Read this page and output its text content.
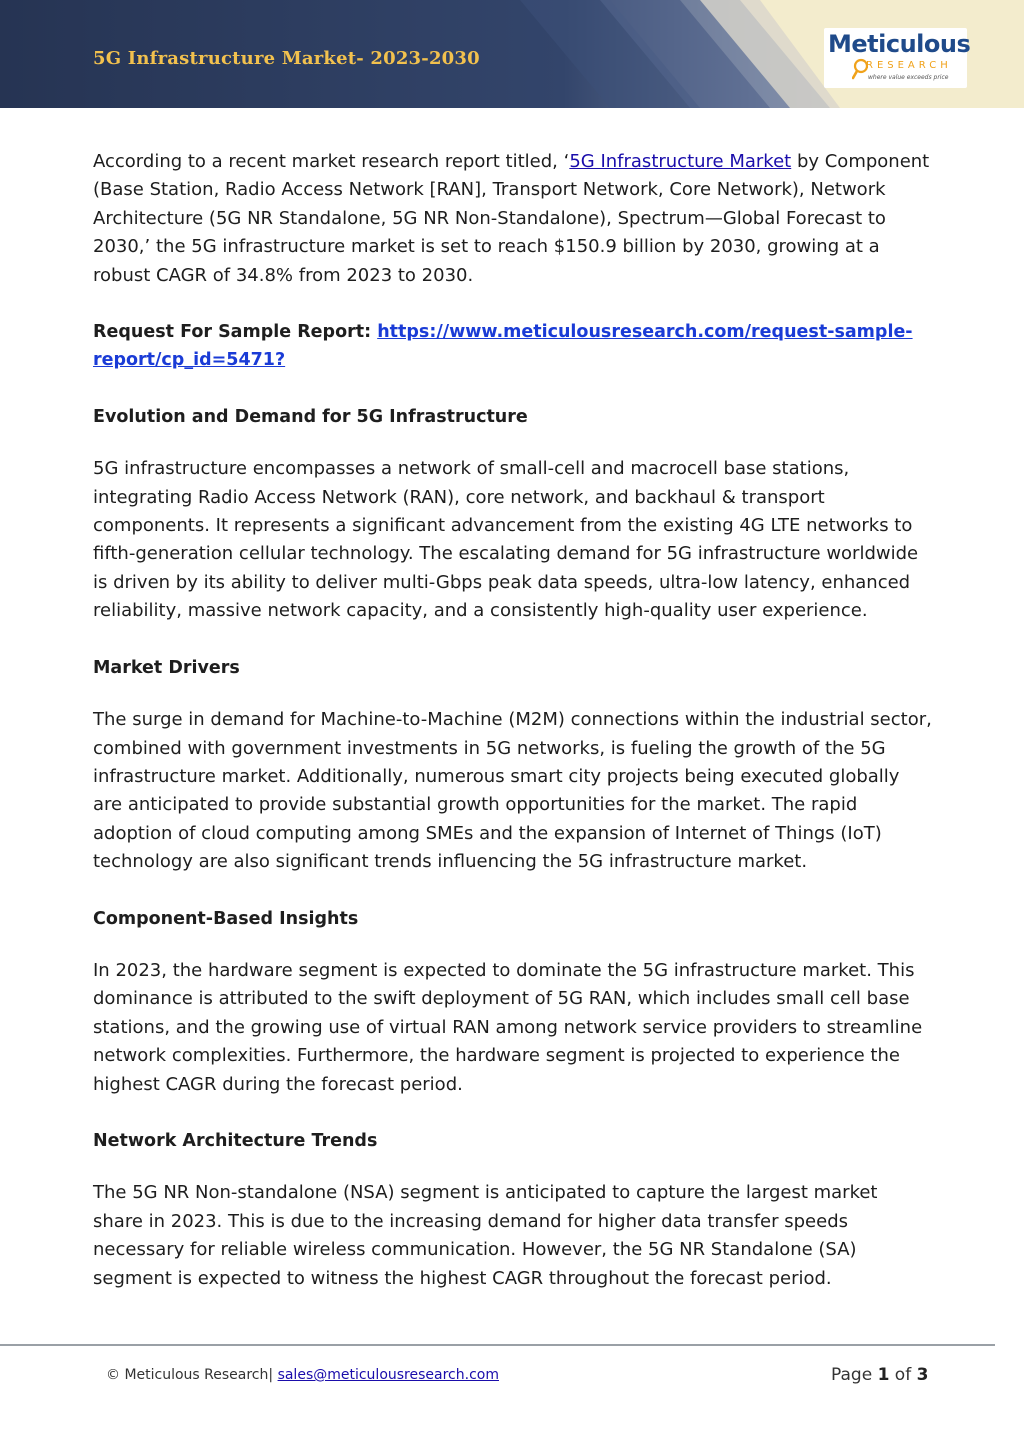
5G Infrastructure Market- 2023-2030
Meticulous
RESEARCH
where value exceeds price

According to a recent market research report titled, ‘5G Infrastructure Market by Component (Base Station, Radio Access Network [RAN], Transport Network, Core Network), Network Architecture (5G NR Standalone, 5G NR Non-Standalone), Spectrum—Global Forecast to 2030,’ the 5G infrastructure market is set to reach $150.9 billion by 2030, growing at a robust CAGR of 34.8% from 2023 to 2030.

Request For Sample Report: https://www.meticulousresearch.com/request-sample-report/cp_id=5471?

Evolution and Demand for 5G Infrastructure

5G infrastructure encompasses a network of small-cell and macrocell base stations, integrating Radio Access Network (RAN), core network, and backhaul & transport components. It represents a significant advancement from the existing 4G LTE networks to fifth-generation cellular technology. The escalating demand for 5G infrastructure worldwide is driven by its ability to deliver multi-Gbps peak data speeds, ultra-low latency, enhanced reliability, massive network capacity, and a consistently high-quality user experience.

Market Drivers

The surge in demand for Machine-to-Machine (M2M) connections within the industrial sector, combined with government investments in 5G networks, is fueling the growth of the 5G infrastructure market. Additionally, numerous smart city projects being executed globally are anticipated to provide substantial growth opportunities for the market. The rapid adoption of cloud computing among SMEs and the expansion of Internet of Things (IoT) technology are also significant trends influencing the 5G infrastructure market.

Component-Based Insights

In 2023, the hardware segment is expected to dominate the 5G infrastructure market. This dominance is attributed to the swift deployment of 5G RAN, which includes small cell base stations, and the growing use of virtual RAN among network service providers to streamline network complexities. Furthermore, the hardware segment is projected to experience the highest CAGR during the forecast period.

Network Architecture Trends

The 5G NR Non-standalone (NSA) segment is anticipated to capture the largest market share in 2023. This is due to the increasing demand for higher data transfer speeds necessary for reliable wireless communication. However, the 5G NR Standalone (SA) segment is expected to witness the highest CAGR throughout the forecast period.

© Meticulous Research| sales@meticulousresearch.com	Page 1 of 3
